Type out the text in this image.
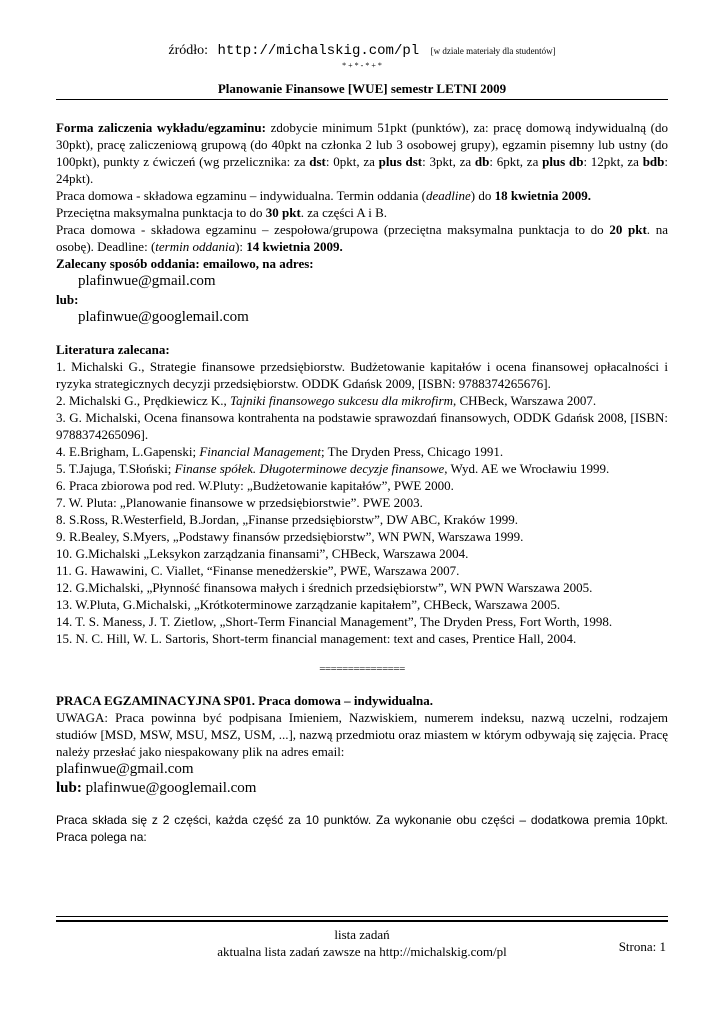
źródło: http://michalskig.com/pl [w dziale materiały dla studentów]
* + * - * + *
Planowanie Finansowe [WUE] semestr LETNI 2009

Forma zaliczenia wykładu/egzaminu: zdobycie minimum 51pkt (punktów), za: pracę domową indywidualną (do 30pkt), pracę zaliczeniową grupową (do 40pkt na członka 2 lub 3 osobowej grupy), egzamin pisemny lub ustny (do 100pkt), punkty z ćwiczeń (wg przelicznika: za dst: 0pkt, za plus dst: 3pkt, za db: 6pkt, za plus db: 12pkt, za bdb: 24pkt).

Praca domowa - składowa egzaminu – indywidualna. Termin oddania (deadline) do 18 kwietnia 2009.

Przeciętna maksymalna punktacja to do 30 pkt. za części A i B.

Praca domowa - składowa egzaminu – zespołowa/grupowa (przeciętna maksymalna punktacja to do 20 pkt. na osobę). Deadline: (termin oddania): 14 kwietnia 2009.

Zalecany sposób oddania: emailowo, na adres:

plafinwue@gmail.com

lub:

plafinwue@googlemail.com

Literatura zalecana:

1. Michalski G., Strategie finansowe przedsiębiorstw. Budżetowanie kapitałów i ocena finansowej opłacalności i ryzyka strategicznych decyzji przedsiębiorstw. ODDK Gdańsk 2009, [ISBN: 9788374265676].

2. Michalski G., Prędkiewicz K., Tajniki finansowego sukcesu dla mikrofirm, CHBeck, Warszawa 2007.

3. G. Michalski, Ocena finansowa kontrahenta na podstawie sprawozdań finansowych, ODDK Gdańsk 2008, [ISBN: 9788374265096].

4. E.Brigham, L.Gapenski; Financial Management; The Dryden Press, Chicago 1991.

5. T.Jajuga, T.Słoński; Finanse spółek. Długoterminowe decyzje finansowe, Wyd. AE we Wrocławiu 1999.

6. Praca zbiorowa pod red. W.Pluty: „Budżetowanie kapitałów”, PWE 2000.

7. W. Pluta: „Planowanie finansowe w przedsiębiorstwie”. PWE 2003.

8. S.Ross, R.Westerfield, B.Jordan, „Finanse przedsiębiorstw”, DW ABC, Kraków 1999.

9. R.Bealey, S.Myers, „Podstawy finansów przedsiębiorstw”, WN PWN, Warszawa 1999.

10. G.Michalski „Leksykon zarządzania finansami”, CHBeck, Warszawa 2004.

11. G. Hawawini, C. Viallet, “Finanse menedżerskie”, PWE, Warszawa 2007.

12. G.Michalski, „Płynność finansowa małych i średnich przedsiębiorstw”, WN PWN Warszawa 2005.

13. W.Pluta, G.Michalski, „Krótkoterminowe zarządzanie kapitałem”, CHBeck, Warszawa 2005.

14. T. S. Maness, J. T. Zietlow, „Short-Term Financial Management”, The Dryden Press, Fort Worth, 1998.

15. N. C. Hill, W. L. Sartoris, Short-term financial management: text and cases, Prentice Hall, 2004.

===============

PRACA EGZAMINACYJNA SP01. Praca domowa – indywidualna.

UWAGA: Praca powinna być podpisana Imieniem, Nazwiskiem, numerem indeksu, nazwą uczelni, rodzajem studiów [MSD, MSW, MSU, MSZ, USM, ...], nazwą przedmiotu oraz miastem w którym odbywają się zajęcia. Pracę należy przesłać jako niespakowany plik na adres email:

plafinwue@gmail.com

lub: plafinwue@googlemail.com

Praca składa się z 2 części, każda część za 10 punktów. Za wykonanie obu części – dodatkowa premia 10pkt. Praca polega na:

lista zadań
aktualna lista zadań zawsze na http://michalskig.com/pl	Strona: 1
